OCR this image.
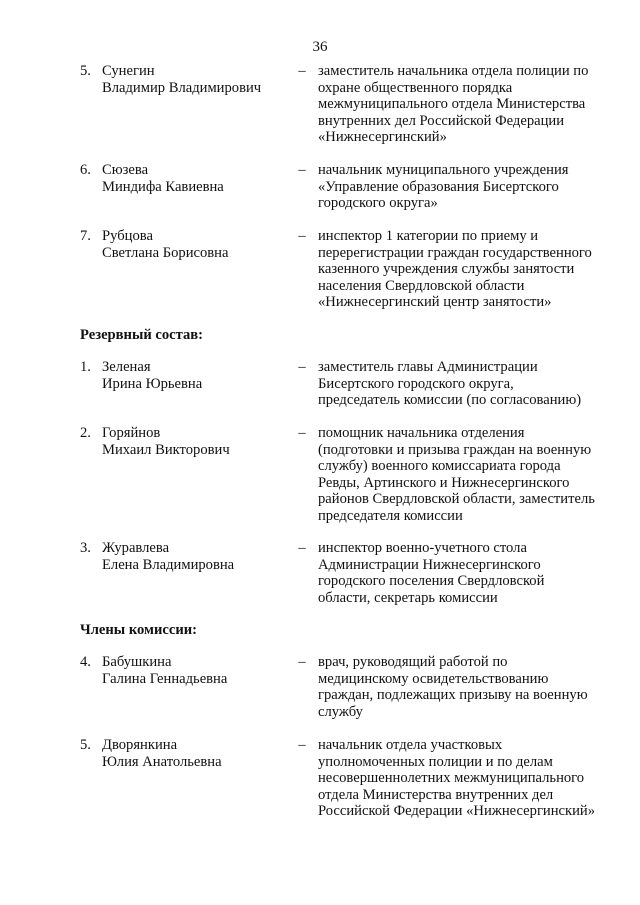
36
5. Сунегин
Владимир Владимирович
– заместитель начальника отдела полиции по
охране общественного порядка
межмуниципального отдела Министерства
внутренних дел Российской Федерации
«Нижнесергинский»
6. Сюзева
Миндифа Кавиевна
– начальник муниципального учреждения
«Управление образования Бисертского
городского округа»
7. Рубцова
Светлана Борисовна
– инспектор 1 категории по приему и
перерегистрации граждан государственного
казенного учреждения службы занятости
населения Свердловской области
«Нижнесергинский центр занятости»
Резервный состав:
1. Зеленая
Ирина Юрьевна
– заместитель главы Администрации
Бисертского городского округа,
председатель комиссии (по согласованию)
2. Горяйнов
Михаил Викторович
– помощник начальника отделения
(подготовки и призыва граждан на военную
службу) военного комиссариата города
Ревды, Артинского и Нижнесергинского
районов Свердловской области, заместитель
председателя комиссии
3. Журавлева
Елена Владимировна
– инспектор военно-учетного стола
Администрации Нижнесергинского
городского поселения Свердловской
области, секретарь комиссии
Члены комиссии:
4. Бабушкина
Галина Геннадьевна
– врач, руководящий работой по
медицинскому освидетельствованию
граждан, подлежащих призыву на военную
службу
5. Дворянкина
Юлия Анатольевна
– начальник отдела участковых
уполномоченных полиции и по делам
несовершеннолетних межмуниципального
отдела Министерства внутренних дел
Российской Федерации «Нижнесергинский»
